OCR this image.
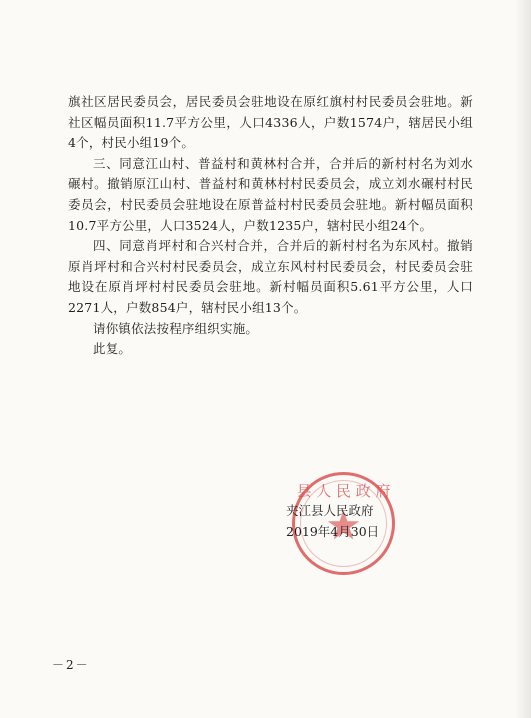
旗社区居民委员会，居民委员会驻地设在原红旗村村民委员会驻地。新社区幅员面积11.7平方公里，人口4336人，户数1574户，辖居民小组4个，村民小组19个。

三、同意江山村、普益村和黄林村合并，合并后的新村村名为刘水碾村。撤销原江山村、普益村和黄林村村民委员会，成立刘水碾村村民委员会，村民委员会驻地设在原普益村村民委员会驻地。新村幅员面积10.7平方公里，人口3524人，户数1235户，辖村民小组24个。

四、同意肖坪村和合兴村合并，合并后的新村村名为东风村。撤销原肖坪村和合兴村村民委员会，成立东风村村民委员会，村民委员会驻地设在原肖坪村村民委员会驻地。新村幅员面积5.61平方公里，人口2271人，户数854户，辖村民小组13个。

请你镇依法按程序组织实施。

此复。

县 人 民 政 府
夹江县人民政府
2019年4月30日
－2－
